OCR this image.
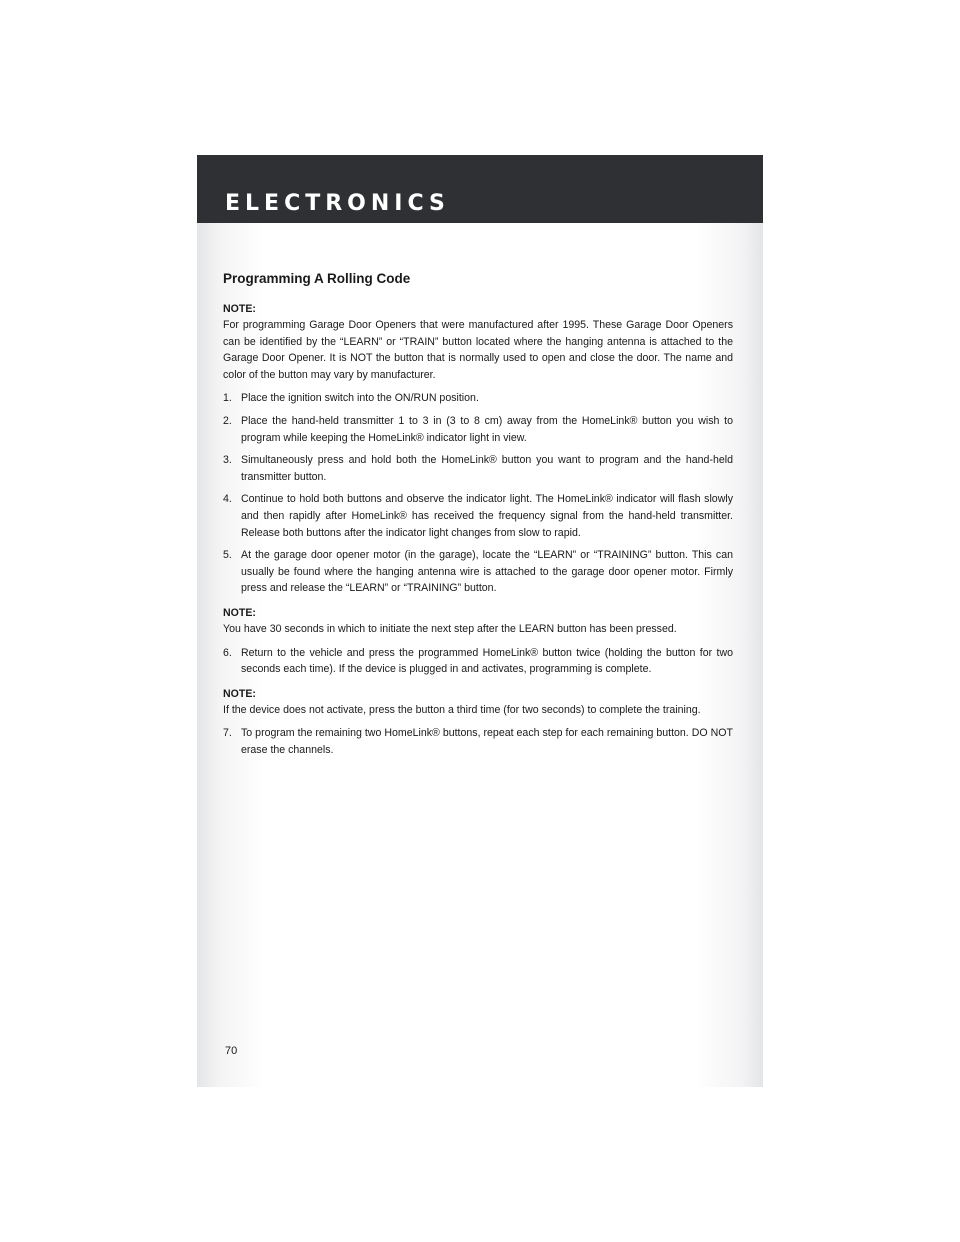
ELECTRONICS
Programming A Rolling Code

NOTE:

For programming Garage Door Openers that were manufactured after 1995. These Garage Door Openers can be identified by the “LEARN” or “TRAIN” button located where the hanging antenna is attached to the Garage Door Opener. It is NOT the button that is normally used to open and close the door. The name and color of the button may vary by manufacturer.

1. Place the ignition switch into the ON/RUN position.
2. Place the hand-held transmitter 1 to 3 in (3 to 8 cm) away from the HomeLink® button you wish to program while keeping the HomeLink® indicator light in view.
3. Simultaneously press and hold both the HomeLink® button you want to program and the hand-held transmitter button.
4. Continue to hold both buttons and observe the indicator light. The HomeLink® indicator will flash slowly and then rapidly after HomeLink® has received the frequency signal from the hand-held transmitter. Release both buttons after the indicator light changes from slow to rapid.
5. At the garage door opener motor (in the garage), locate the “LEARN” or “TRAINING” button. This can usually be found where the hanging antenna wire is attached to the garage door opener motor. Firmly press and release the “LEARN” or “TRAINING” button.

NOTE:

You have 30 seconds in which to initiate the next step after the LEARN button has been pressed.

6. Return to the vehicle and press the programmed HomeLink® button twice (holding the button for two seconds each time). If the device is plugged in and activates, programming is complete.

NOTE:

If the device does not activate, press the button a third time (for two seconds) to complete the training.

7. To program the remaining two HomeLink® buttons, repeat each step for each remaining button. DO NOT erase the channels.
70
